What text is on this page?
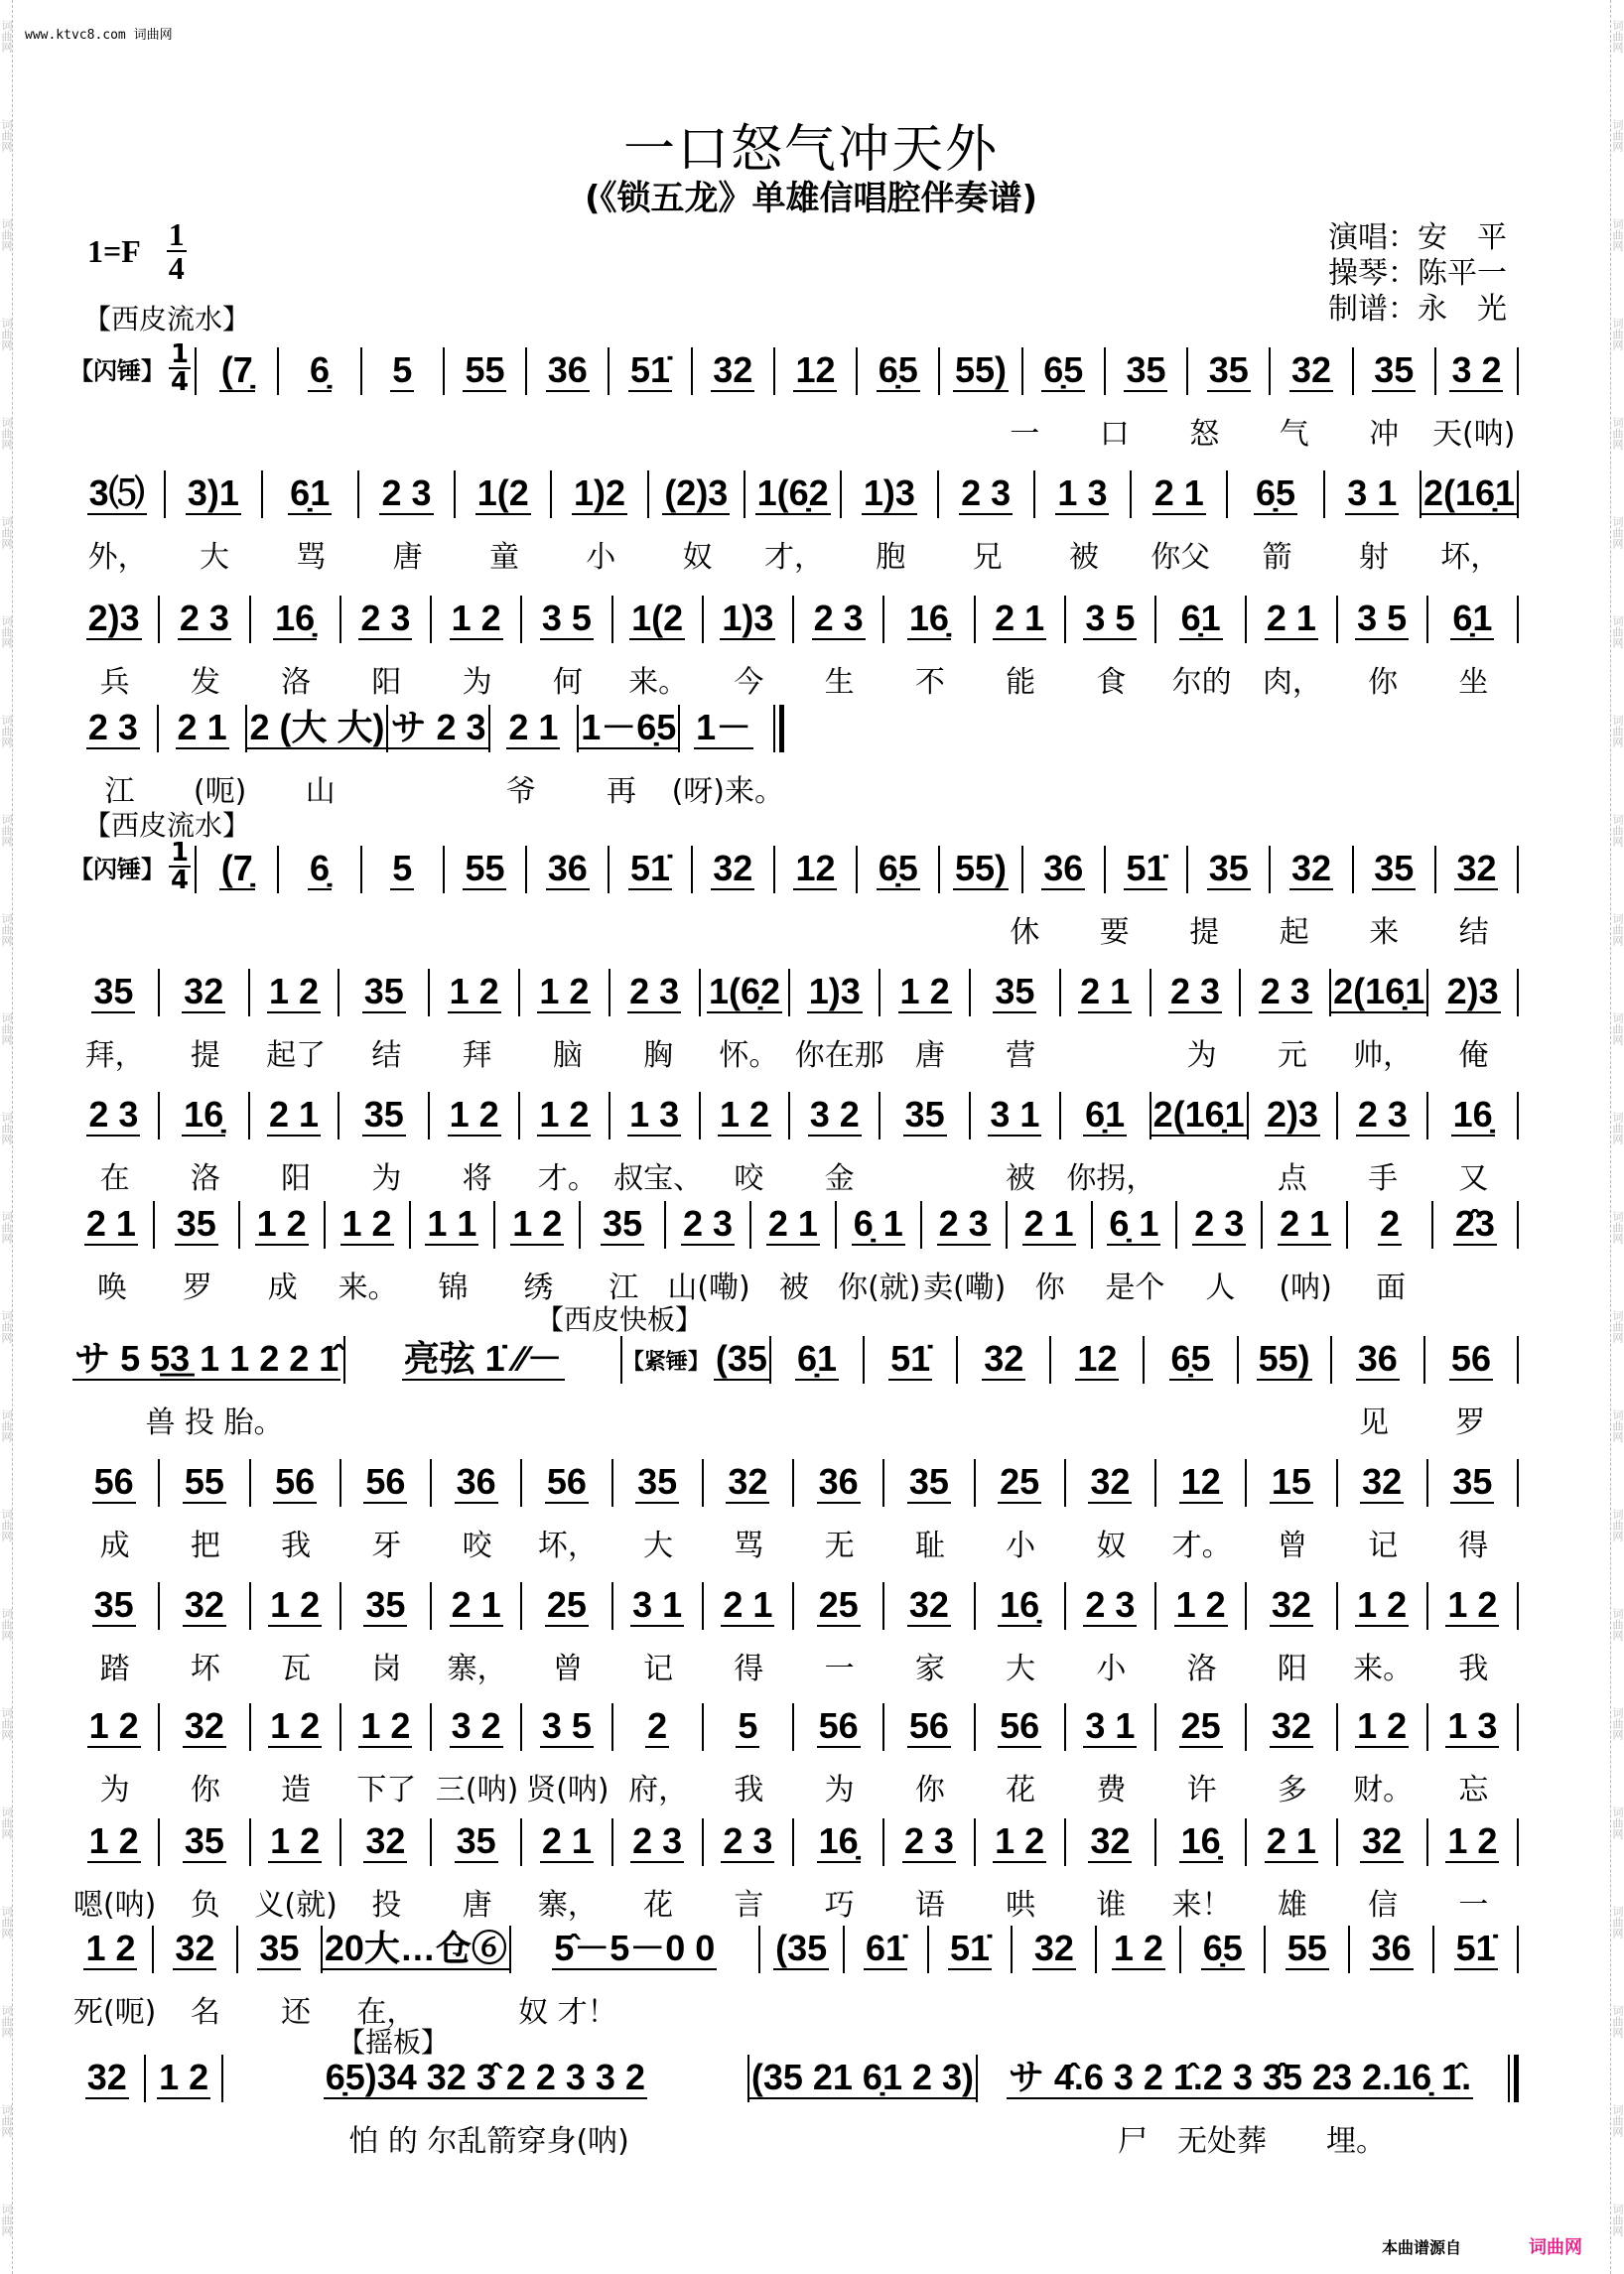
词曲网	词曲网
词曲网	词曲网
词曲网	词曲网
词曲网	词曲网
词曲网	词曲网
词曲网	词曲网
词曲网	词曲网
词曲网	词曲网
词曲网	词曲网
词曲网	词曲网
词曲网	词曲网
词曲网	词曲网
词曲网	词曲网
词曲网	词曲网
词曲网	词曲网
词曲网	词曲网
词曲网	词曲网
词曲网	词曲网
词曲网	词曲网
词曲网	词曲网
词曲网	词曲网
词曲网	词曲网
词曲网	词曲网
www.ktvc8.com 词曲网
一口怒气冲天外
(《锁五龙》单雄信唱腔伴奏谱)
$1=F \frac{1}{4}$	演唱：安　平
操琴：陈平一
制谱：永　光
【西皮流水】
【西皮流水】
【西皮快板】
【摇板】
【闪锤】 $\frac{1}{4}$ (7̣ 6̣ 5 55 36 51̇ 32 12 6̣5 55) 6̣5 35 35 32 35 3 2
一	口	怒	气	冲	天(呐)
3⑸ 3)1 6̣1 2 3 1(2 1)2 (2)3 1(6̣2 1)3 2 3 1 3 2 1 6̣5 3 1 2(16̣1
外，	大	骂	唐	童	小	奴	才，	胞	兄	被	你父	箭	射	坏，
2)3 2 3 16̣ 2 3 1 2 3 5 1(2 1)3 2 3 16̣ 2 1 3 5 6̣1 2 1 3 5 6̣1
兵	发	洛	阳	为	何	来。	今	生	不	能	食	尔的	肉，	你	坐
2 3 2 1 2 (大 大) サ 2 3 2 1 1－6̣5 1－
江	(呃)	山	爷	再	(呀)来。
【闪锤】 $\frac{1}{4}$ (7̣ 6̣ 5 55 36 51̇ 32 12 6̣5 55) 36 51̇ 35 32 35 32
休	要	提	起	来	结
35 32 1 2 35 1 2 1 2 2 3 1(6̣2 1)3 1 2 35 2 1 2 3 2 3 2(16̣1 2)3
拜，	提	起了	结	拜	脑	胸	怀。 你在那	唐	营	为	元	帅，	俺
2 3 16̣ 2 1 35 1 2 1 2 1 3 1 2 3 2 35 3 1 6̣1 2(16̣1 2)3 2 3 16̣
在	洛	阳	为	将	才。 叔宝、	咬	金	被	你拐，	点	手	又
2 1 35 1 2 1 2 1 1 1 2 35 2 3 2 1 6̣ 1 2 3 2 1 6̣ 1 2 3 2 1 2 2̂3
唤	罗	成	来。	锦	绣	江 山(嘞) 被 你(就) 卖(嘞) 你	是个	人	(呐)	面
サ 5 5͟3 1 1 2 2 1̂ 亮弦 1̇ ∕∕－	【紧锤】 (35 6̣1 51̇ 32 12 6̣5 55) 36 56
兽 投 胎。	见	罗
56 55 56 56 36 56 35 32 36 35 25 32 12 15 32 35
成	把	我	牙	咬	坏，	大	骂	无	耻	小	奴	才。	曾	记	得
35 32 1 2 35 2 1 25 3 1 2 1 25 32 16̣ 2 3 1 2 32 1 2 1 2
踏	坏	瓦	岗	寨，	曾	记	得	一	家	大	小	洛	阳	来。	我
1 2 32 1 2 1 2 3 2 3 5 2 5 56 56 56 3 1 25 32 1 2 1 3
为	你	造	下了 三(呐) 贤(呐) 府，	我	为	你	花	费	许	多	财。	忘
1 2 35 1 2 32 35 2 1 2 3 2 3 16̣ 2 3 1 2 32 16̣ 2 1 32 1 2
嗯(呐)	负	义(就)	投	唐	寨，	花	言	巧	语	哄	谁	来！	雄	信	一
1 2 32 35 20大…仓⑥ 5̂－5－0 0 (35 61̇ 51̇ 32 1 2 6̣5 55 36 51̇
死(呃)	名	还	在，	奴 才！
32 1 2	6̣5)34 32 3̂ 2 2 3 3 2	(35 21 6̣1 2 3) サ 4̂.6 3 2 1̂.2 3 3̂5 23 2.16̣ 1̂.
怕 的 尔乱箭穿身(呐)	尸　无处葬　　埋。
本曲谱源自	词曲网
